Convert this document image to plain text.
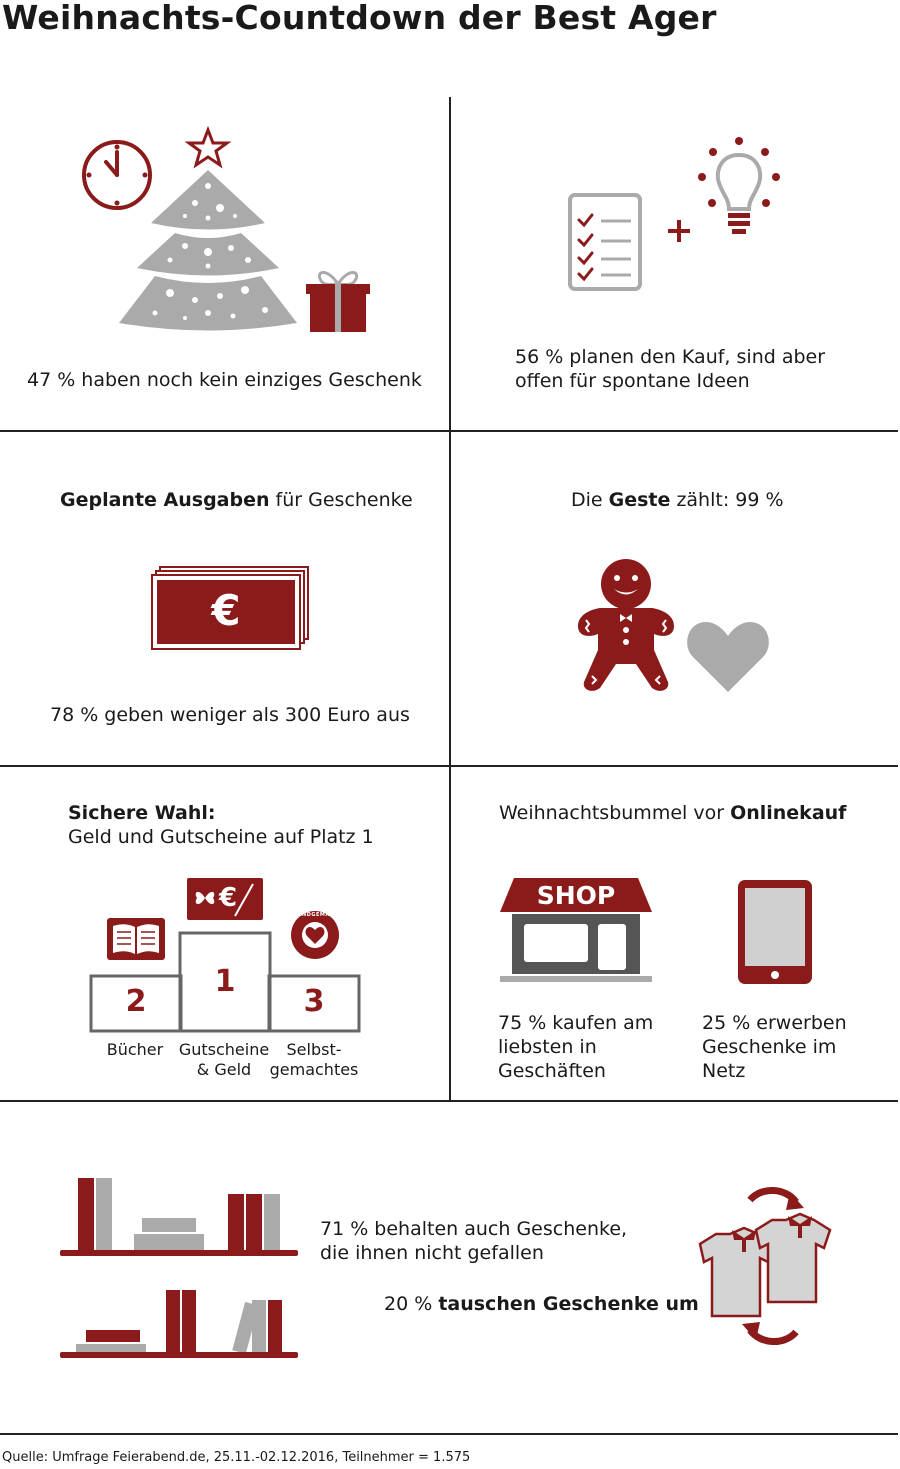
Weihnachts-Countdown der Best Ager
47 % haben noch kein einziges Geschenk
56 % planen den Kauf, sind aber
offen für spontane Ideen
Geplante Ausgaben für Geschenke
€
78 % geben weniger als 300 Euro aus
Die Geste zählt: 99 %
Sichere Wahl:
Geld und Gutscheine auf Platz 1
€
HANDGEMACHT
2
1
3
Bücher Gutscheine
& Geld
Selbst-
gemachtes
Weihnachtsbummel vor Onlinekauf
SHOP
75 % kaufen am
liebsten in
Geschäften
25 % erwerben
Geschenke im
Netz
71 % behalten auch Geschenke,
die ihnen nicht gefallen
20 % tauschen Geschenke um
Quelle: Umfrage Feierabend.de, 25.11.-02.12.2016, Teilnehmer = 1.575
